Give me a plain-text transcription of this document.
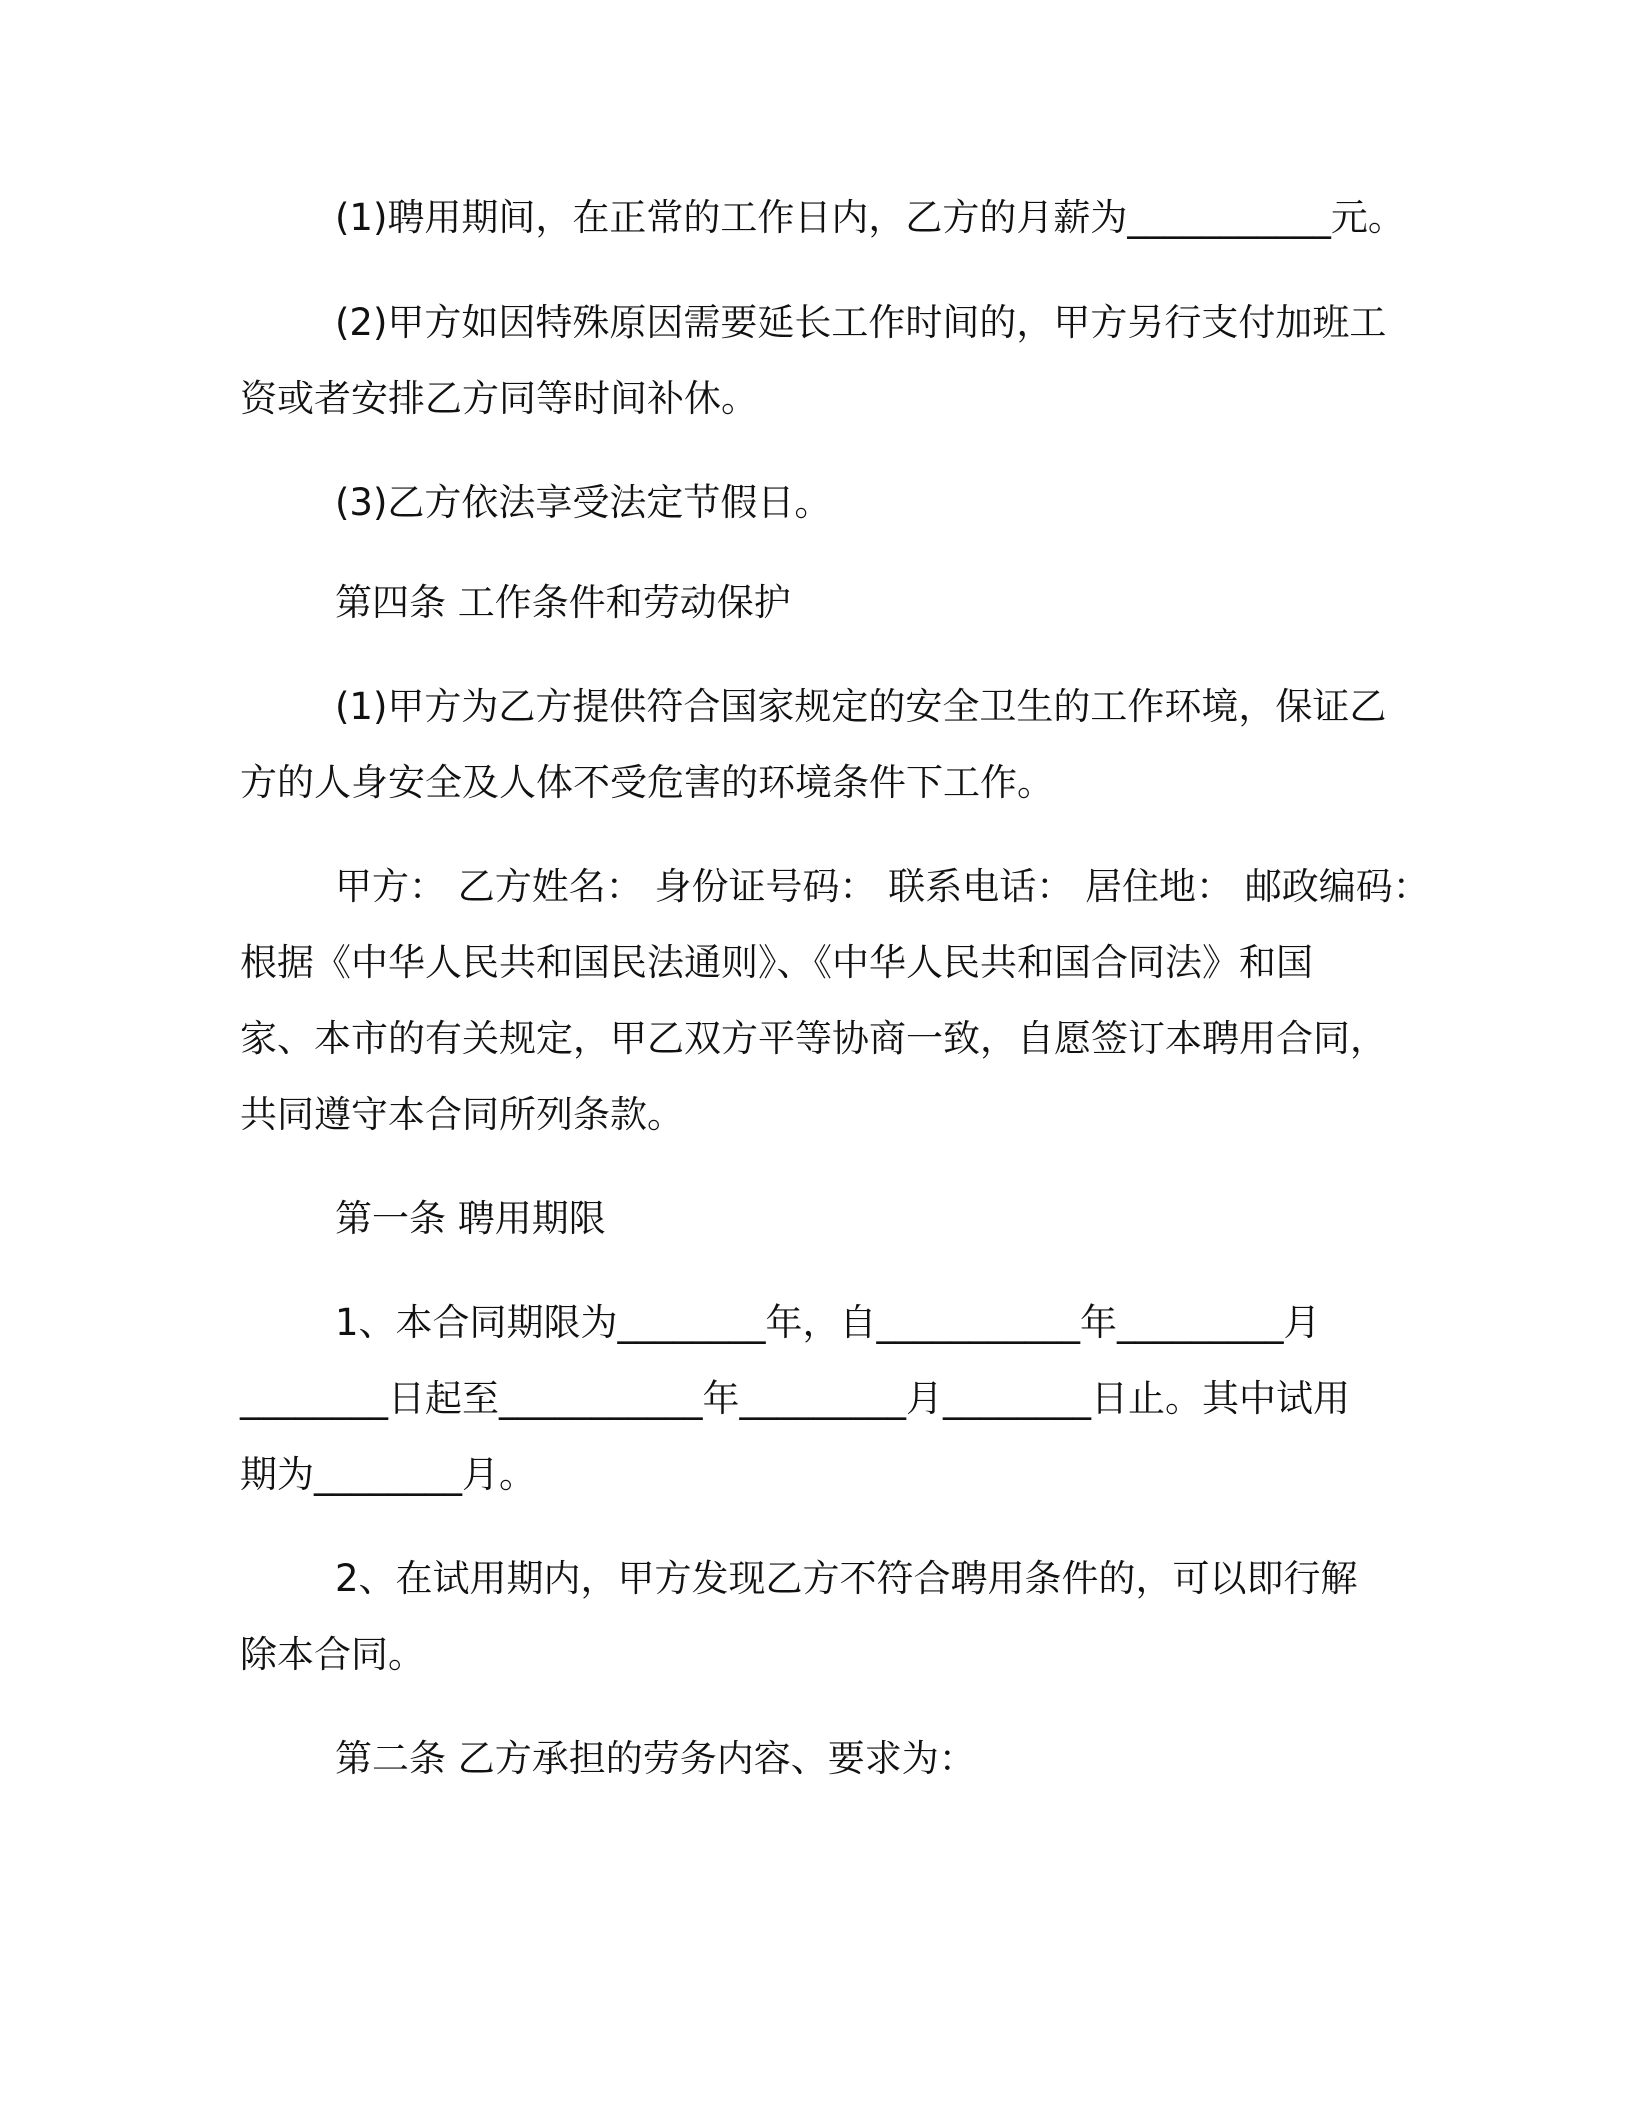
(1)聘用期间，在正常的工作日内，乙方的月薪为___________元。

(2)甲方如因特殊原因需要延长工作时间的，甲方另行支付加班工

资或者安排乙方同等时间补休。

(3)乙方依法享受法定节假日。

第四条 工作条件和劳动保护

(1)甲方为乙方提供符合国家规定的安全卫生的工作环境，保证乙

方的人身安全及人体不受危害的环境条件下工作。

甲方： 乙方姓名： 身份证号码： 联系电话： 居住地： 邮政编码：

根据《中华人民共和国民法通则》、《中华人民共和国合同法》和国

家、本市的有关规定，甲乙双方平等协商一致，自愿签订本聘用合同，

共同遵守本合同所列条款。

第一条 聘用期限

1、本合同期限为________年，自___________年_________月

________日起至___________年_________月________日止。其中试用

期为________月。

2、在试用期内，甲方发现乙方不符合聘用条件的，可以即行解

除本合同。

第二条 乙方承担的劳务内容、要求为：
